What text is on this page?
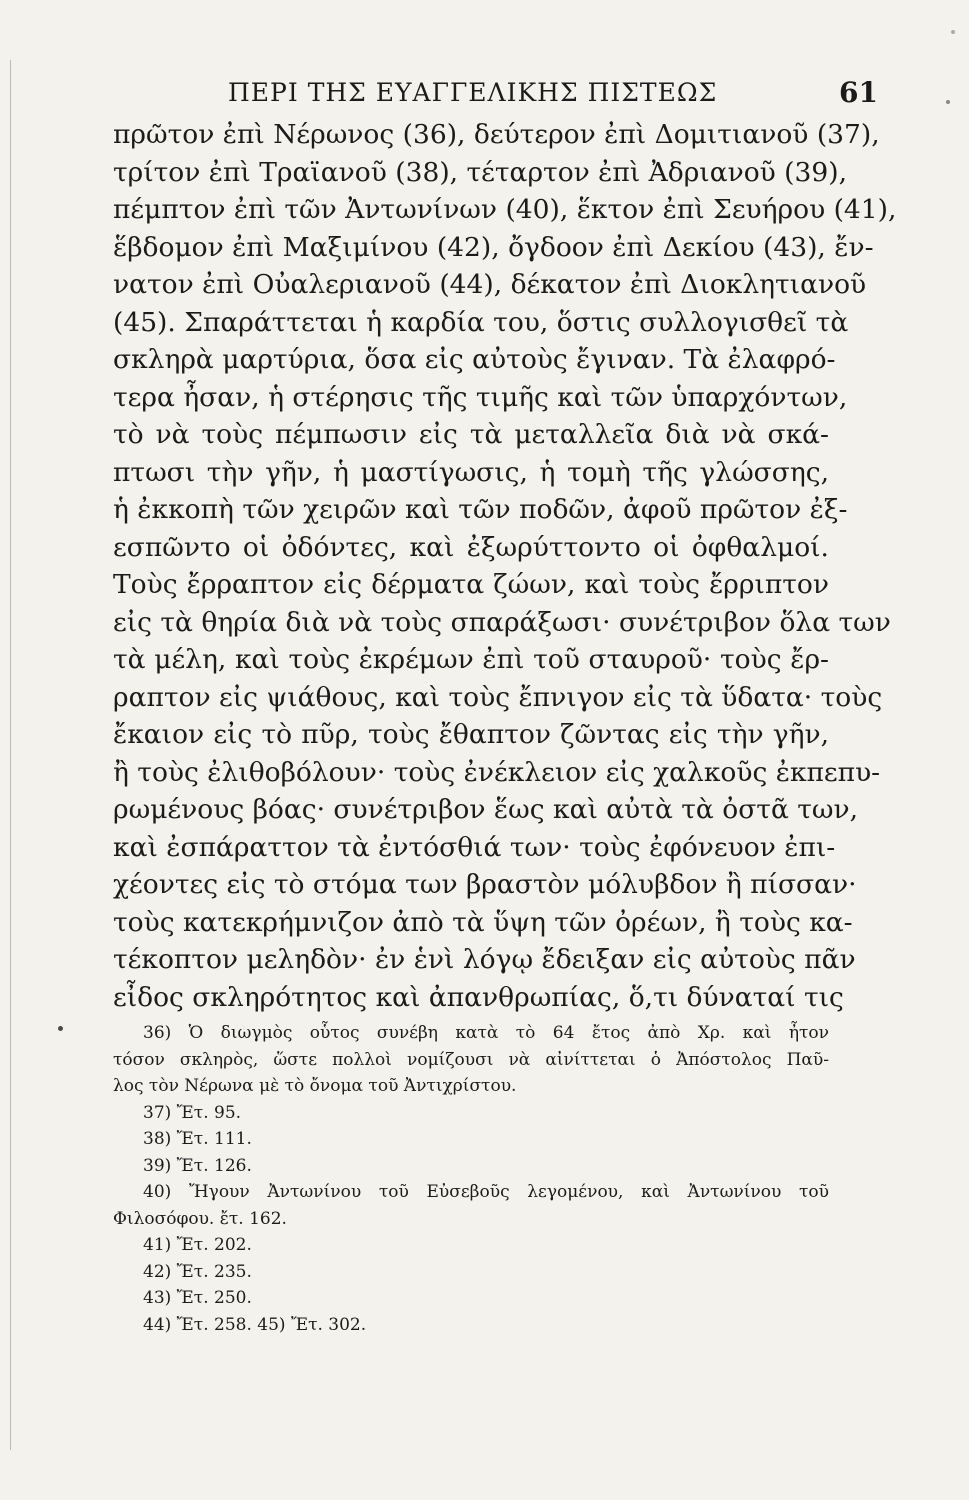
ΠΕΡΙ ΤΗΣ ΕΥΑΓΓΕΛΙΚΗΣ ΠΙΣΤΕΩΣ	61
πρῶτον ἐπὶ Νέρωνος (36), δεύτερον ἐπὶ Δομιτιανοῦ (37),
τρίτον ἐπὶ Τραϊανοῦ (38), τέταρτον ἐπὶ Ἀδριανοῦ (39),
πέμπτον ἐπὶ τῶν Ἀντωνίνων (40), ἕκτον ἐπὶ Σευήρου (41),
ἕβδομον ἐπὶ Μαξιμίνου (42), ὄγδοον ἐπὶ Δεκίου (43), ἔν-
νατον ἐπὶ Οὐαλεριανοῦ (44), δέκατον ἐπὶ Διοκλητιανοῦ
(45). Σπαράττεται ἡ καρδία του, ὅστις συλλογισθεῖ τὰ
σκληρὰ μαρτύρια, ὅσα εἰς αὐτοὺς ἔγιναν. Τὰ ἐλαφρό-
τερα ἦσαν, ἡ στέρησις τῆς τιμῆς καὶ τῶν ὑπαρχόντων,
τὸ νὰ τοὺς πέμπωσιν εἰς τὰ μεταλλεῖα διὰ νὰ σκά-
πτωσι τὴν γῆν, ἡ μαστίγωσις, ἡ τομὴ τῆς γλώσσης,
ἡ ἐκκοπὴ τῶν χειρῶν καὶ τῶν ποδῶν, ἀφοῦ πρῶτον ἐξ-
εσπῶντο οἱ ὀδόντες, καὶ ἐξωρύττοντο οἱ ὀφθαλμοί.
Τοὺς ἔρραπτον εἰς δέρματα ζώων, καὶ τοὺς ἔρριπτον
εἰς τὰ θηρία διὰ νὰ τοὺς σπαράξωσι· συνέτριβον ὅλα των
τὰ μέλη, καὶ τοὺς ἐκρέμων ἐπὶ τοῦ σταυροῦ· τοὺς ἔρ-
ραπτον εἰς ψιάθους, καὶ τοὺς ἔπνιγον εἰς τὰ ὕδατα· τοὺς
ἔκαιον εἰς τὸ πῦρ, τοὺς ἔθαπτον ζῶντας εἰς τὴν γῆν,
ἢ τοὺς ἐλιθοβόλουν· τοὺς ἐνέκλειον εἰς χαλκοῦς ἐκπεπυ-
ρωμένους βόας· συνέτριβον ἕως καὶ αὐτὰ τὰ ὀστᾶ των,
καὶ ἐσπάραττον τὰ ἐντόσθιά των· τοὺς ἐφόνευον ἐπι-
χέοντες εἰς τὸ στόμα των βραστὸν μόλυβδον ἢ πίσσαν·
τοὺς κατεκρήμνιζον ἀπὸ τὰ ὕψη τῶν ὀρέων, ἢ τοὺς κα-
τέκοπτον μεληδὸν· ἐν ἑνὶ λόγῳ ἔδειξαν εἰς αὐτοὺς πᾶν
εἶδος σκληρότητος καὶ ἀπανθρωπίας, ὅ,τι δύναταί τις
36) Ὁ διωγμὸς οὗτος συνέβη κατὰ τὸ 64 ἔτος ἀπὸ Χρ. καὶ ἦτον
τόσον σκληρὸς, ὥστε πολλοὶ νομίζουσι νὰ αἰνίττεται ὁ Ἀπόστολος Παῦ-
λος τὸν Νέρωνα μὲ τὸ ὄνομα τοῦ Ἀντιχρίστου.
37) Ἔτ. 95.
38) Ἔτ. 111.
39) Ἔτ. 126.
40) Ἤγουν Ἀντωνίνου τοῦ Εὐσεβοῦς λεγομένου, καὶ Ἀντωνίνου τοῦ
Φιλοσόφου. ἔτ. 162.
41) Ἔτ. 202.
42) Ἔτ. 235.
43) Ἔτ. 250.
44) Ἔτ. 258. 45) Ἔτ. 302.
